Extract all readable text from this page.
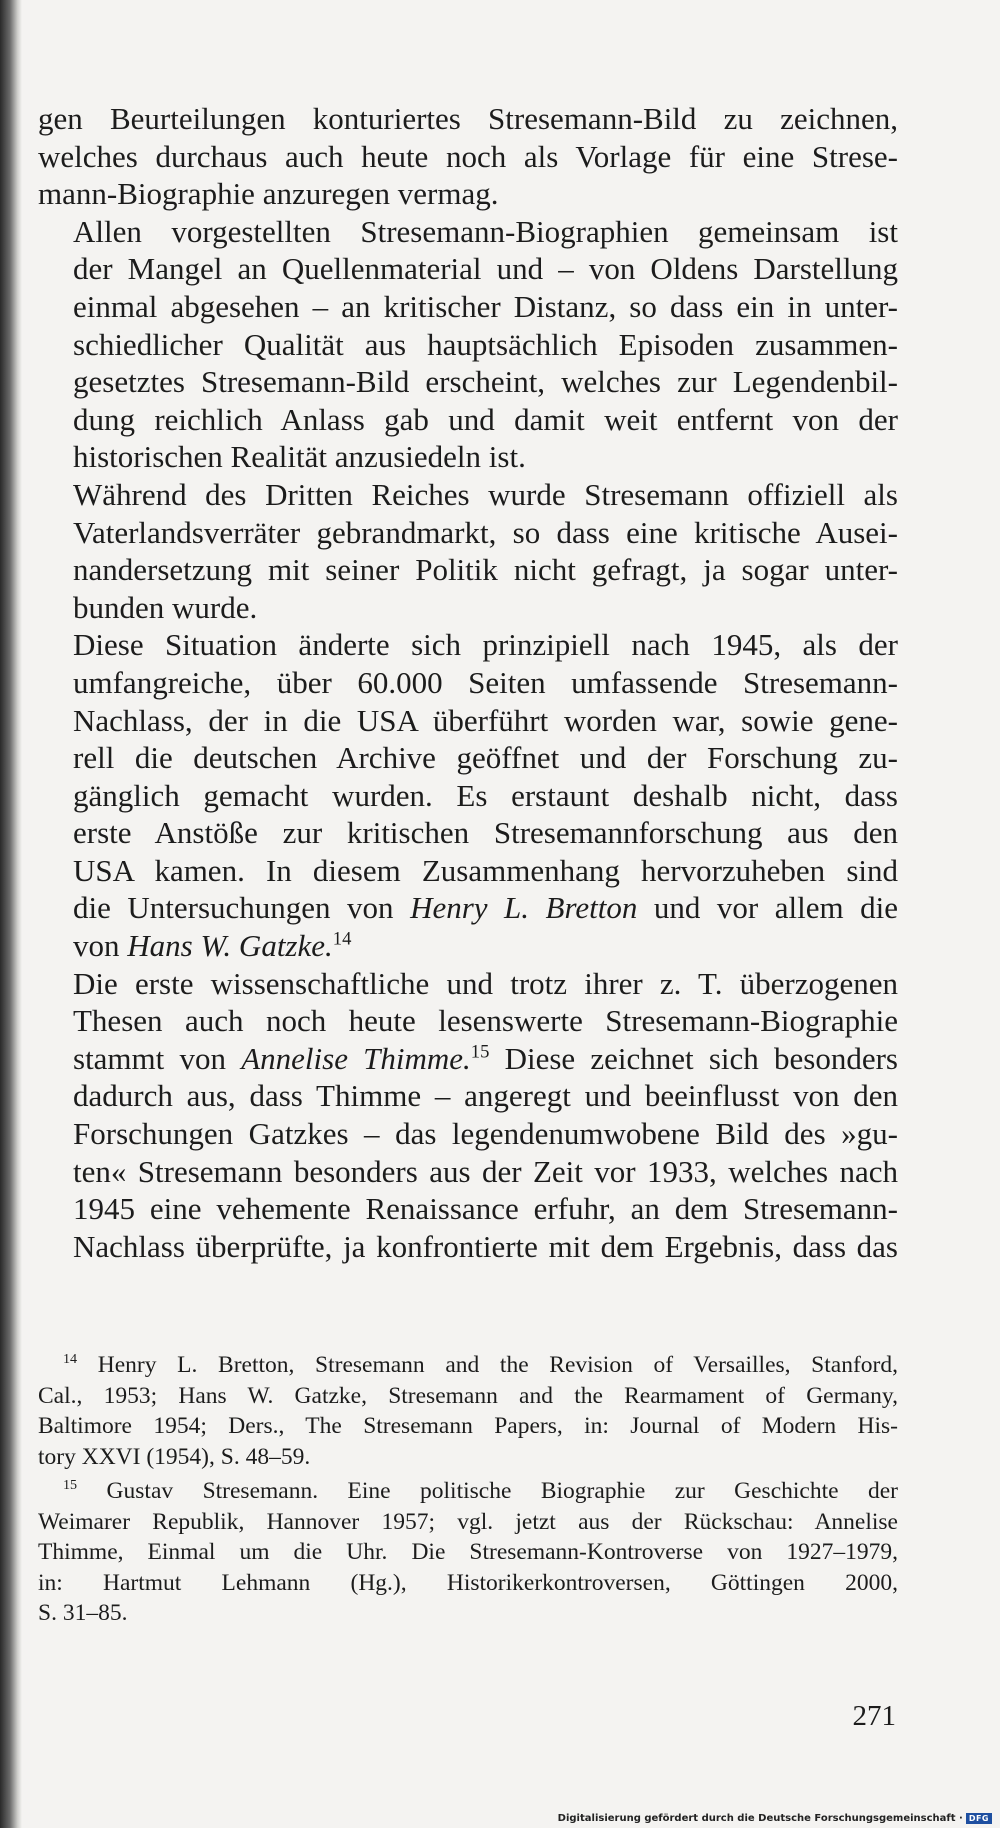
gen Beurteilungen konturiertes Stresemann-Bild zu zeichnen,
welches durchaus auch heute noch als Vorlage für eine Strese-
mann-Biographie anzuregen vermag.

Allen vorgestellten Stresemann-Biographien gemeinsam ist
der Mangel an Quellenmaterial und – von Oldens Darstellung
einmal abgesehen – an kritischer Distanz, so dass ein in unter-
schiedlicher Qualität aus hauptsächlich Episoden zusammen-
gesetztes Stresemann-Bild erscheint, welches zur Legendenbil-
dung reichlich Anlass gab und damit weit entfernt von der
historischen Realität anzusiedeln ist.

Während des Dritten Reiches wurde Stresemann offiziell als
Vaterlandsverräter gebrandmarkt, so dass eine kritische Ausei-
nandersetzung mit seiner Politik nicht gefragt, ja sogar unter-
bunden wurde.

Diese Situation änderte sich prinzipiell nach 1945, als der
umfangreiche, über 60.000 Seiten umfassende Stresemann-
Nachlass, der in die USA überführt worden war, sowie gene-
rell die deutschen Archive geöffnet und der Forschung zu-
gänglich gemacht wurden. Es erstaunt deshalb nicht, dass
erste Anstöße zur kritischen Stresemannforschung aus den
USA kamen. In diesem Zusammenhang hervorzuheben sind
die Untersuchungen von Henry L. Bretton und vor allem die
von Hans W. Gatzke.$^{14}$

Die erste wissenschaftliche und trotz ihrer z. T. überzogenen
Thesen auch noch heute lesenswerte Stresemann-Biographie
stammt von Annelise Thimme.$^{15}$ Diese zeichnet sich besonders
dadurch aus, dass Thimme – angeregt und beeinflusst von den
Forschungen Gatzkes – das legendenumwobene Bild des »gu-
ten« Stresemann besonders aus der Zeit vor 1933, welches nach
1945 eine vehemente Renaissance erfuhr, an dem Stresemann-
Nachlass überprüfte, ja konfrontierte mit dem Ergebnis, dass das

$^{14}$ Henry L. Bretton, Stresemann and the Revision of Versailles, Stanford,
Cal., 1953; Hans W. Gatzke, Stresemann and the Rearmament of Germany,
Baltimore 1954; Ders., The Stresemann Papers, in: Journal of Modern His-
tory XXVI (1954), S. 48–59.

$^{15}$ Gustav Stresemann. Eine politische Biographie zur Geschichte der
Weimarer Republik, Hannover 1957; vgl. jetzt aus der Rückschau: Annelise
Thimme, Einmal um die Uhr. Die Stresemann-Kontroverse von 1927–1979,
in: Hartmut Lehmann (Hg.), Historikerkontroversen, Göttingen 2000,
S. 31–85.

271
Digitalisierung gefördert durch die Deutsche Forschungsgemeinschaft · DFG
